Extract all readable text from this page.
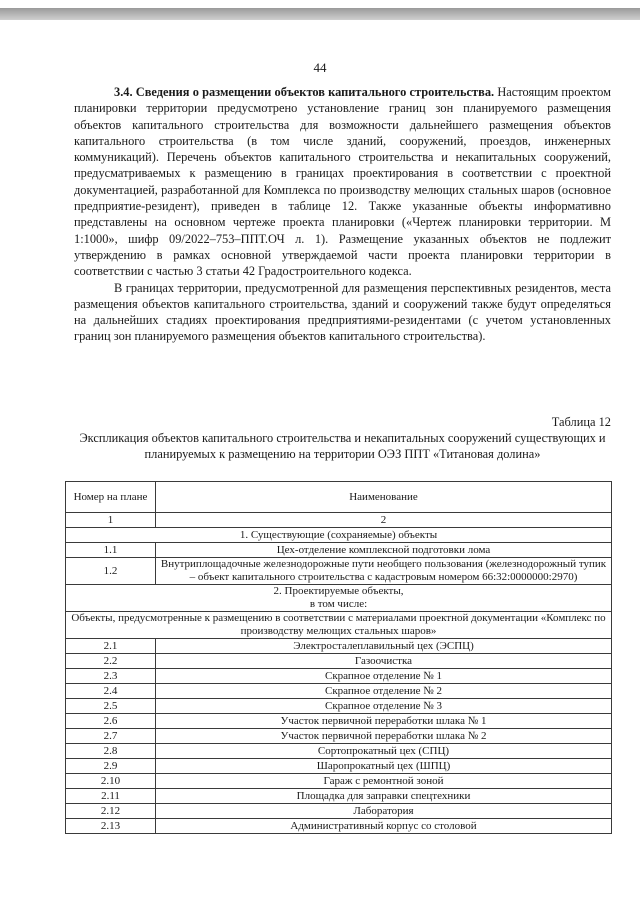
44

3.4. Сведения о размещении объектов капитального строительства. Настоящим проектом планировки территории предусмотрено установление границ зон планируемого размещения объектов капитального строительства для возможности дальнейшего размещения объектов капитального строительства (в том числе зданий, сооружений, проездов, инженерных коммуникаций). Перечень объектов капитального строительства и некапитальных сооружений, предусматриваемых к размещению в границах проектирования в соответствии с проектной документацией, разработанной для Комплекса по производству мелющих стальных шаров (основное предприятие-резидент), приведен в таблице 12. Также указанные объекты информативно представлены на основном чертеже проекта планировки («Чертеж планировки территории. М 1:1000», шифр 09/2022–753–ППТ.ОЧ л. 1). Размещение указанных объектов не подлежит утверждению в рамках основной утверждаемой части проекта планировки территории в соответствии с частью 3 статьи 42 Градостроительного кодекса.

В границах территории, предусмотренной для размещения перспективных резидентов, места размещения объектов капитального строительства, зданий и сооружений также будут определяться на дальнейших стадиях проектирования предприятиями-резидентами (с учетом установленных границ зон планируемого размещения объектов капитального строительства).

Таблица 12
Экспликация объектов капитального строительства и некапитальных сооружений существующих и планируемых к размещению на территории ОЭЗ ППТ «Титановая долина»
Номер на плане	Наименование
1	2
1. Существующие (сохраняемые) объекты	
1.1	Цех-отделение комплексной подготовки лома
1.2	Внутриплощадочные железнодорожные пути необщего пользования (железнодорожный тупик – объект капитального строительства с кадастровым номером 66:32:0000000:2970)

2. Проектируемые объекты,
в том числе:	

Объекты, предусмотренные к размещению в соответствии с материалами проектной документации «Комплекс по производству мелющих стальных шаров»	
2.1	Электросталеплавильный цех (ЭСПЦ)
2.2	Газоочистка
2.3	Скрапное отделение № 1
2.4	Скрапное отделение № 2
2.5	Скрапное отделение № 3
2.6	Участок первичной переработки шлака № 1
2.7	Участок первичной переработки шлака № 2
2.8	Сортопрокатный цех (СПЦ)
2.9	Шаропрокатный цех (ШПЦ)
2.10	Гараж с ремонтной зоной
2.11	Площадка для заправки спецтехники
2.12	Лаборатория
2.13	Административный корпус со столовой
